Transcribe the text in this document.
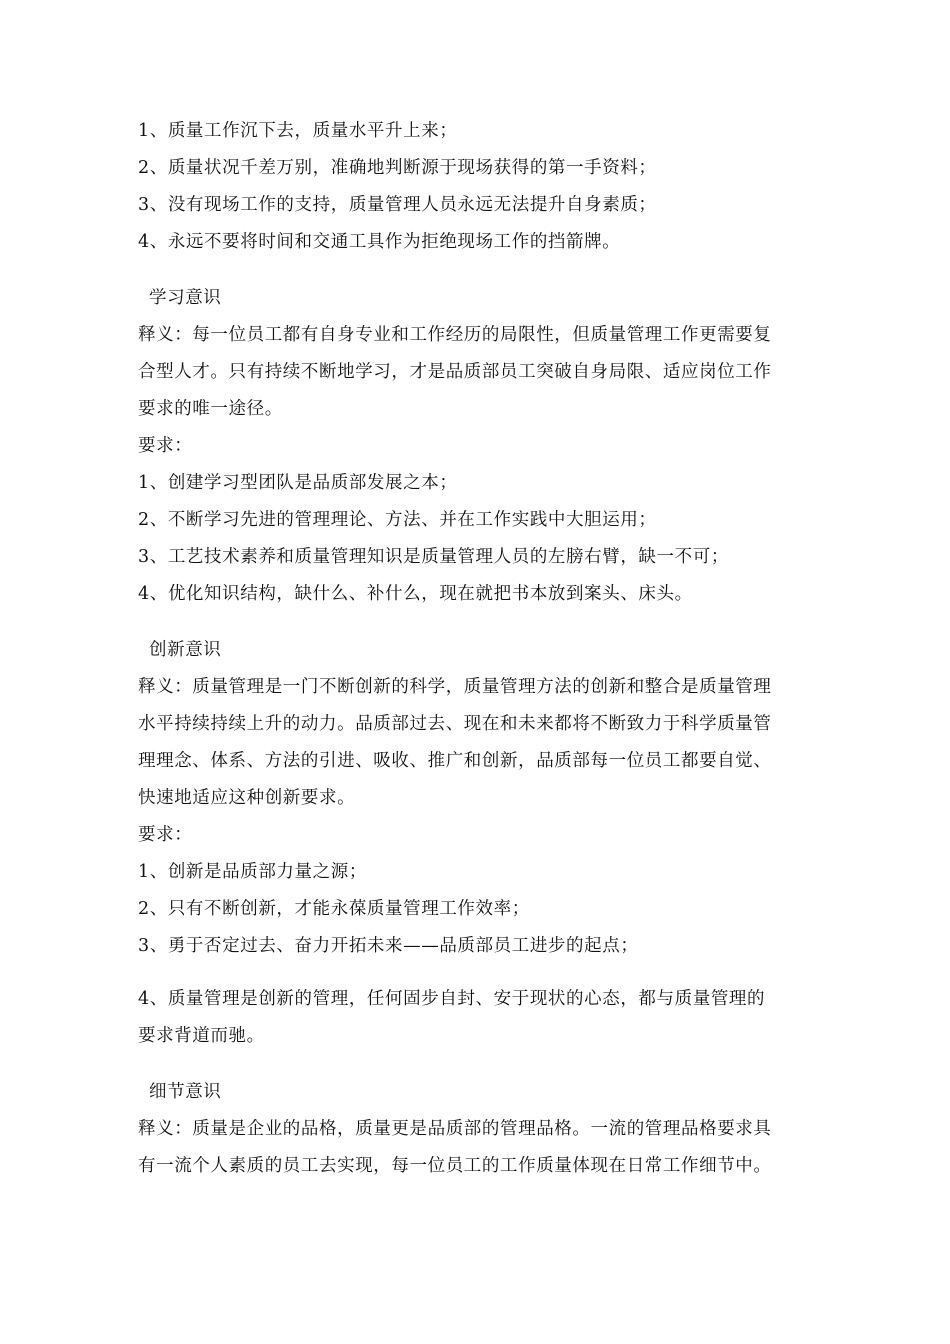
1、质量工作沉下去，质量水平升上来；
2、质量状况千差万别，准确地判断源于现场获得的第一手资料；
3、没有现场工作的支持，质量管理人员永远无法提升自身素质；
4、永远不要将时间和交通工具作为拒绝现场工作的挡箭牌。
学习意识
释义：每一位员工都有自身专业和工作经历的局限性，但质量管理工作更需要复
合型人才。只有持续不断地学习，才是品质部员工突破自身局限、适应岗位工作
要求的唯一途径。
要求：
1、创建学习型团队是品质部发展之本；
2、不断学习先进的管理理论、方法、并在工作实践中大胆运用；
3、工艺技术素养和质量管理知识是质量管理人员的左膀右臂，缺一不可；
4、优化知识结构，缺什么、补什么，现在就把书本放到案头、床头。
创新意识
释义：质量管理是一门不断创新的科学，质量管理方法的创新和整合是质量管理
水平持续持续上升的动力。品质部过去、现在和未来都将不断致力于科学质量管
理理念、体系、方法的引进、吸收、推广和创新，品质部每一位员工都要自觉、
快速地适应这种创新要求。
要求：
1、创新是品质部力量之源；
2、只有不断创新，才能永葆质量管理工作效率；
3、勇于否定过去、奋力开拓未来——品质部员工进步的起点；
4、质量管理是创新的管理，任何固步自封、安于现状的心态，都与质量管理的
要求背道而驰。
细节意识
释义：质量是企业的品格，质量更是品质部的管理品格。一流的管理品格要求具
有一流个人素质的员工去实现，每一位员工的工作质量体现在日常工作细节中。
